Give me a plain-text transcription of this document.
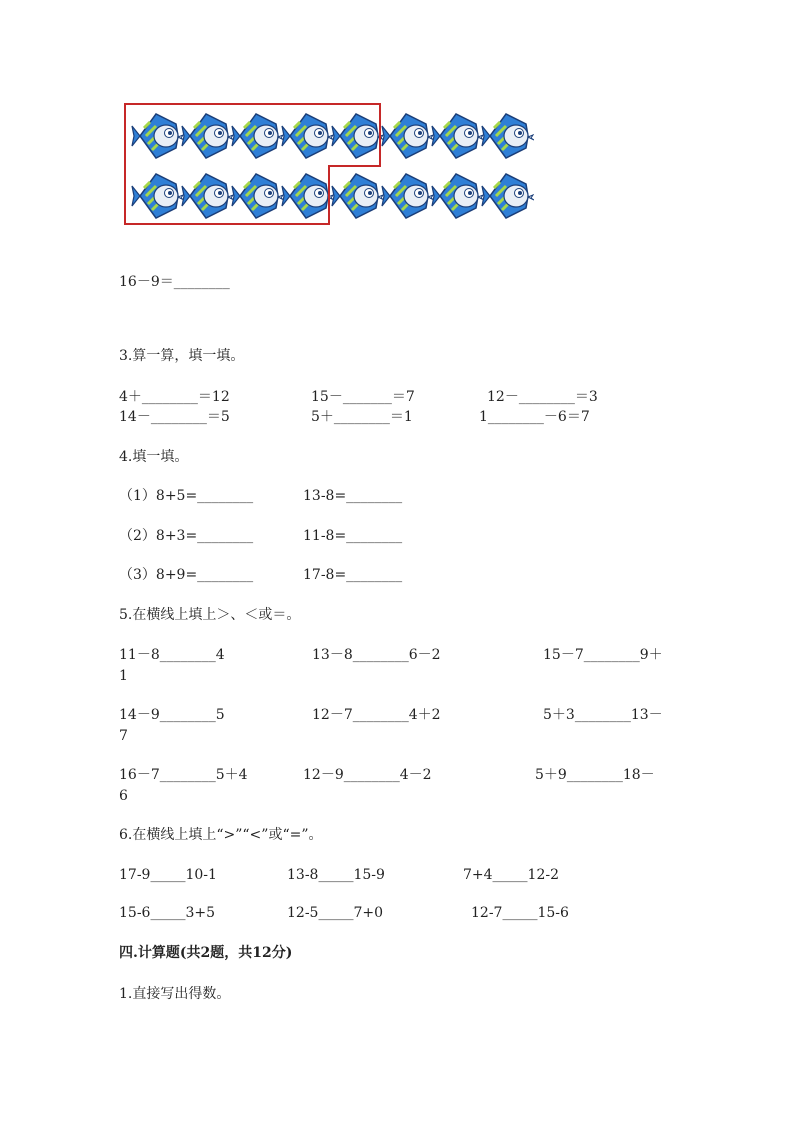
16－9＝________
3.算一算，填一填。
4＋________＝12	15－_______＝7	12－________＝3
14－________＝5	5＋________＝1	1________－6＝7
4.填一填。
（1）8+5=________	13-8=________
（2）8+3=________	11-8=________
（3）8+9=________	17-8=________
5.在横线上填上＞、＜或＝。
11－8________4	13－8________6－2	15－7________9＋
1
14－9________5	12－7________4＋2	5＋3________13－
7
16－7________5＋4	12－9________4－2	5＋9________18－
6
6.在横线上填上“>”“<”或“=”。
17-9_____10-1	13-8_____15-9	7+4_____12-2
15-6_____3+5	12-5_____7+0	12-7_____15-6
四.计算题(共2题，共12分)
1.直接写出得数。
